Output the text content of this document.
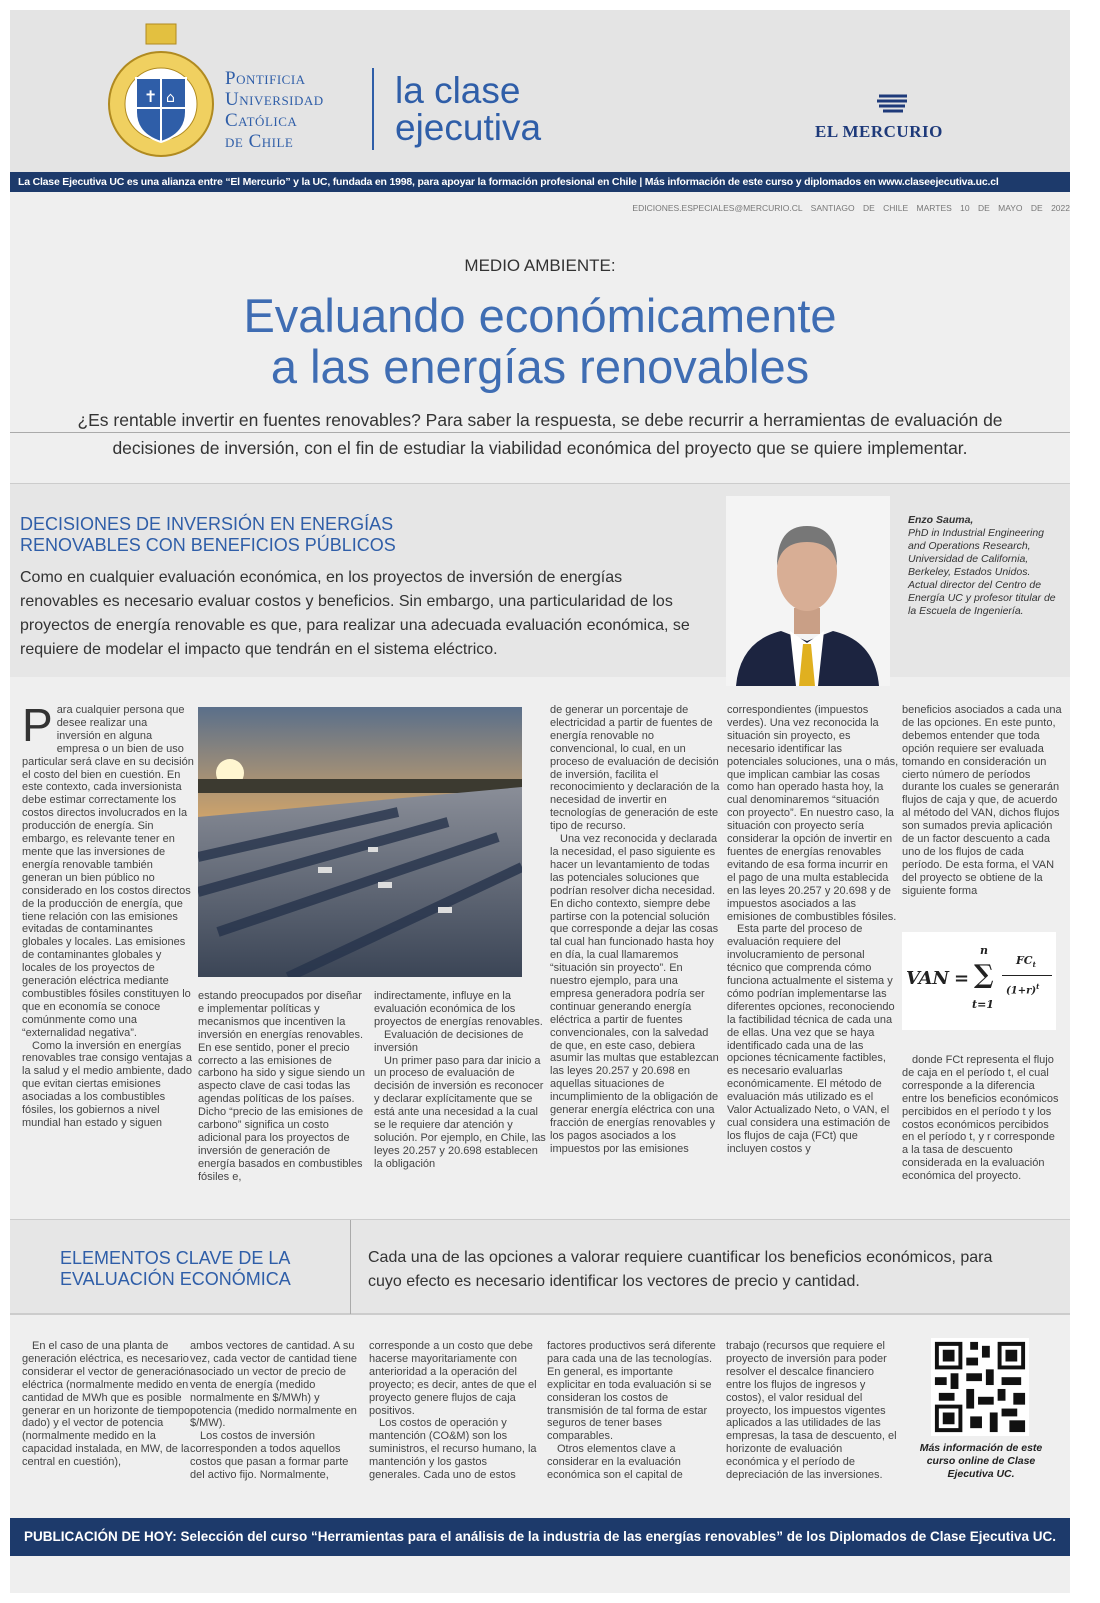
✝ ⌂
Pontificia
Universidad
Católica
de Chile
la clase
ejecutiva	EL MERCURIO
La Clase Ejecutiva UC es una alianza entre “El Mercurio” y la UC, fundada en 1998, para apoyar la formación profesional en Chile | Más información de este curso y diplomados en www.claseejecutiva.uc.cl
EDICIONES.ESPECIALES@MERCURIO.CL SANTIAGO DE CHILE MARTES 10 DE MAYO DE 2022
MEDIO AMBIENTE:
Evaluando económicamente
a las energías renovables
¿Es rentable invertir en fuentes renovables? Para saber la respuesta, se debe recurrir a herramientas de evaluación de decisiones de inversión, con el fin de estudiar la viabilidad económica del proyecto que se quiere implementar.
DECISIONES DE INVERSIÓN EN ENERGÍAS
RENOVABLES CON BENEFICIOS PÚBLICOS
Como en cualquier evaluación económica, en los proyectos de inversión de energías renovables es necesario evaluar costos y beneficios. Sin embargo, una particularidad de los proyectos de energía renovable es que, para realizar una adecuada evaluación económica, se requiere de modelar el impacto que tendrán en el sistema eléctrico.
Enzo Sauma,
PhD in Industrial Engineering and Operations Research, Universidad de California, Berkeley, Estados Unidos. Actual director del Centro de Energía UC y profesor titular de la Escuela de Ingeniería.

Para cualquier persona que desee realizar una inversión en alguna empresa o un bien de uso particular será clave en su decisión el costo del bien en cuestión. En este contexto, cada inversionista debe estimar correctamente los costos directos involucrados en la producción de energía. Sin embargo, es relevante tener en mente que las inversiones de energía renovable también generan un bien público no considerado en los costos directos de la producción de energía, que tiene relación con las emisiones evitadas de contaminantes globales y locales. Las emisiones de contaminantes globales y locales de los proyectos de generación eléctrica mediante combustibles fósiles constituyen lo que en economía se conoce comúnmente como una “externalidad negativa”.

Como la inversión en energías renovables trae consigo ventajas a la salud y el medio ambiente, dado que evitan ciertas emisiones asociadas a los combustibles fósiles, los gobiernos a nivel mundial han estado y siguen

estando preocupados por diseñar e implementar políticas y mecanismos que incentiven la inversión en energías renovables. En ese sentido, poner el precio correcto a las emisiones de carbono ha sido y sigue siendo un aspecto clave de casi todas las agendas políticas de los países. Dicho “precio de las emisiones de carbono” significa un costo adicional para los proyectos de inversión de generación de energía basados en combustibles fósiles e,

indirectamente, influye en la evaluación económica de los proyectos de energías renovables.

Evaluación de decisiones de inversión

Un primer paso para dar inicio a un proceso de evaluación de decisión de inversión es reconocer y declarar explícitamente que se está ante una necesidad a la cual se le requiere dar atención y solución. Por ejemplo, en Chile, las leyes 20.257 y 20.698 establecen la obligación

de generar un porcentaje de electricidad a partir de fuentes de energía renovable no convencional, lo cual, en un proceso de evaluación de decisión de inversión, facilita el reconocimiento y declaración de la necesidad de invertir en tecnologías de generación de este tipo de recurso.

Una vez reconocida y declarada la necesidad, el paso siguiente es hacer un levantamiento de todas las potenciales soluciones que podrían resolver dicha necesidad. En dicho contexto, siempre debe partirse con la potencial solución que corresponde a dejar las cosas tal cual han funcionado hasta hoy en día, la cual llamaremos “situación sin proyecto”. En nuestro ejemplo, para una empresa generadora podría ser continuar generando energía eléctrica a partir de fuentes convencionales, con la salvedad de que, en este caso, debiera asumir las multas que establezcan las leyes 20.257 y 20.698 en aquellas situaciones de incumplimiento de la obligación de generar energía eléctrica con una fracción de energías renovables y los pagos asociados a los impuestos por las emisiones

correspondientes (impuestos verdes). Una vez reconocida la situación sin proyecto, es necesario identificar las potenciales soluciones, una o más, que implican cambiar las cosas como han operado hasta hoy, la cual denominaremos “situación con proyecto”. En nuestro caso, la situación con proyecto sería considerar la opción de invertir en fuentes de energías renovables evitando de esa forma incurrir en el pago de una multa establecida en las leyes 20.257 y 20.698 y de impuestos asociados a las emisiones de combustibles fósiles.

Esta parte del proceso de evaluación requiere del involucramiento de personal técnico que comprenda cómo funciona actualmente el sistema y cómo podrían implementarse las diferentes opciones, reconociendo la factibilidad técnica de cada una de ellas. Una vez que se haya identificado cada una de las opciones técnicamente factibles, es necesario evaluarlas económicamente. El método de evaluación más utilizado es el Valor Actualizado Neto, o VAN, el cual considera una estimación de los flujos de caja (FCt) que incluyen costos y

beneficios asociados a cada una de las opciones. En este punto, debemos entender que toda opción requiere ser evaluada tomando en consideración un cierto número de períodos durante los cuales se generarán flujos de caja y que, de acuerdo al método del VAN, dichos flujos son sumados previa aplicación de un factor descuento a cada uno de los flujos de cada período. De esta forma, el VAN del proyecto se obtiene de la siguiente forma

VAN =
n
∑
t=1
$FC_t$
$(1+r)^t$

donde FCt representa el flujo de caja en el período t, el cual corresponde a la diferencia entre los beneficios económicos percibidos en el período t y los costos económicos percibidos en el período t, y r corresponde a la tasa de descuento considerada en la evaluación económica del proyecto.

ELEMENTOS CLAVE DE LA
EVALUACIÓN ECONÓMICA
Cada una de las opciones a valorar requiere cuantificar los beneficios económicos, para cuyo efecto es necesario identificar los vectores de precio y cantidad.

En el caso de una planta de generación eléctrica, es necesario considerar el vector de generación eléctrica (normalmente medido en cantidad de MWh que es posible generar en un horizonte de tiempo dado) y el vector de potencia (normalmente medido en la capacidad instalada, en MW, de la central en cuestión),

ambos vectores de cantidad. A su vez, cada vector de cantidad tiene asociado un vector de precio de venta de energía (medido normalmente en $/MWh) y potencia (medido normalmente en $/MW).

Los costos de inversión corresponden a todos aquellos costos que pasan a formar parte del activo fijo. Normalmente,

corresponde a un costo que debe hacerse mayoritariamente con anterioridad a la operación del proyecto; es decir, antes de que el proyecto genere flujos de caja positivos.

Los costos de operación y mantención (CO&M) son los suministros, el recurso humano, la mantención y los gastos generales. Cada uno de estos

factores productivos será diferente para cada una de las tecnologías. En general, es importante explicitar en toda evaluación si se consideran los costos de transmisión de tal forma de estar seguros de tener bases comparables.

Otros elementos clave a considerar en la evaluación económica son el capital de

trabajo (recursos que requiere el proyecto de inversión para poder resolver el descalce financiero entre los flujos de ingresos y costos), el valor residual del proyecto, los impuestos vigentes aplicados a las utilidades de las empresas, la tasa de descuento, el horizonte de evaluación económica y el período de depreciación de las inversiones.

Más información de este curso online de Clase Ejecutiva UC.
PUBLICACIÓN DE HOY: Selección del curso “Herramientas para el análisis de la industria de las energías renovables” de los Diplomados de Clase Ejecutiva UC.
